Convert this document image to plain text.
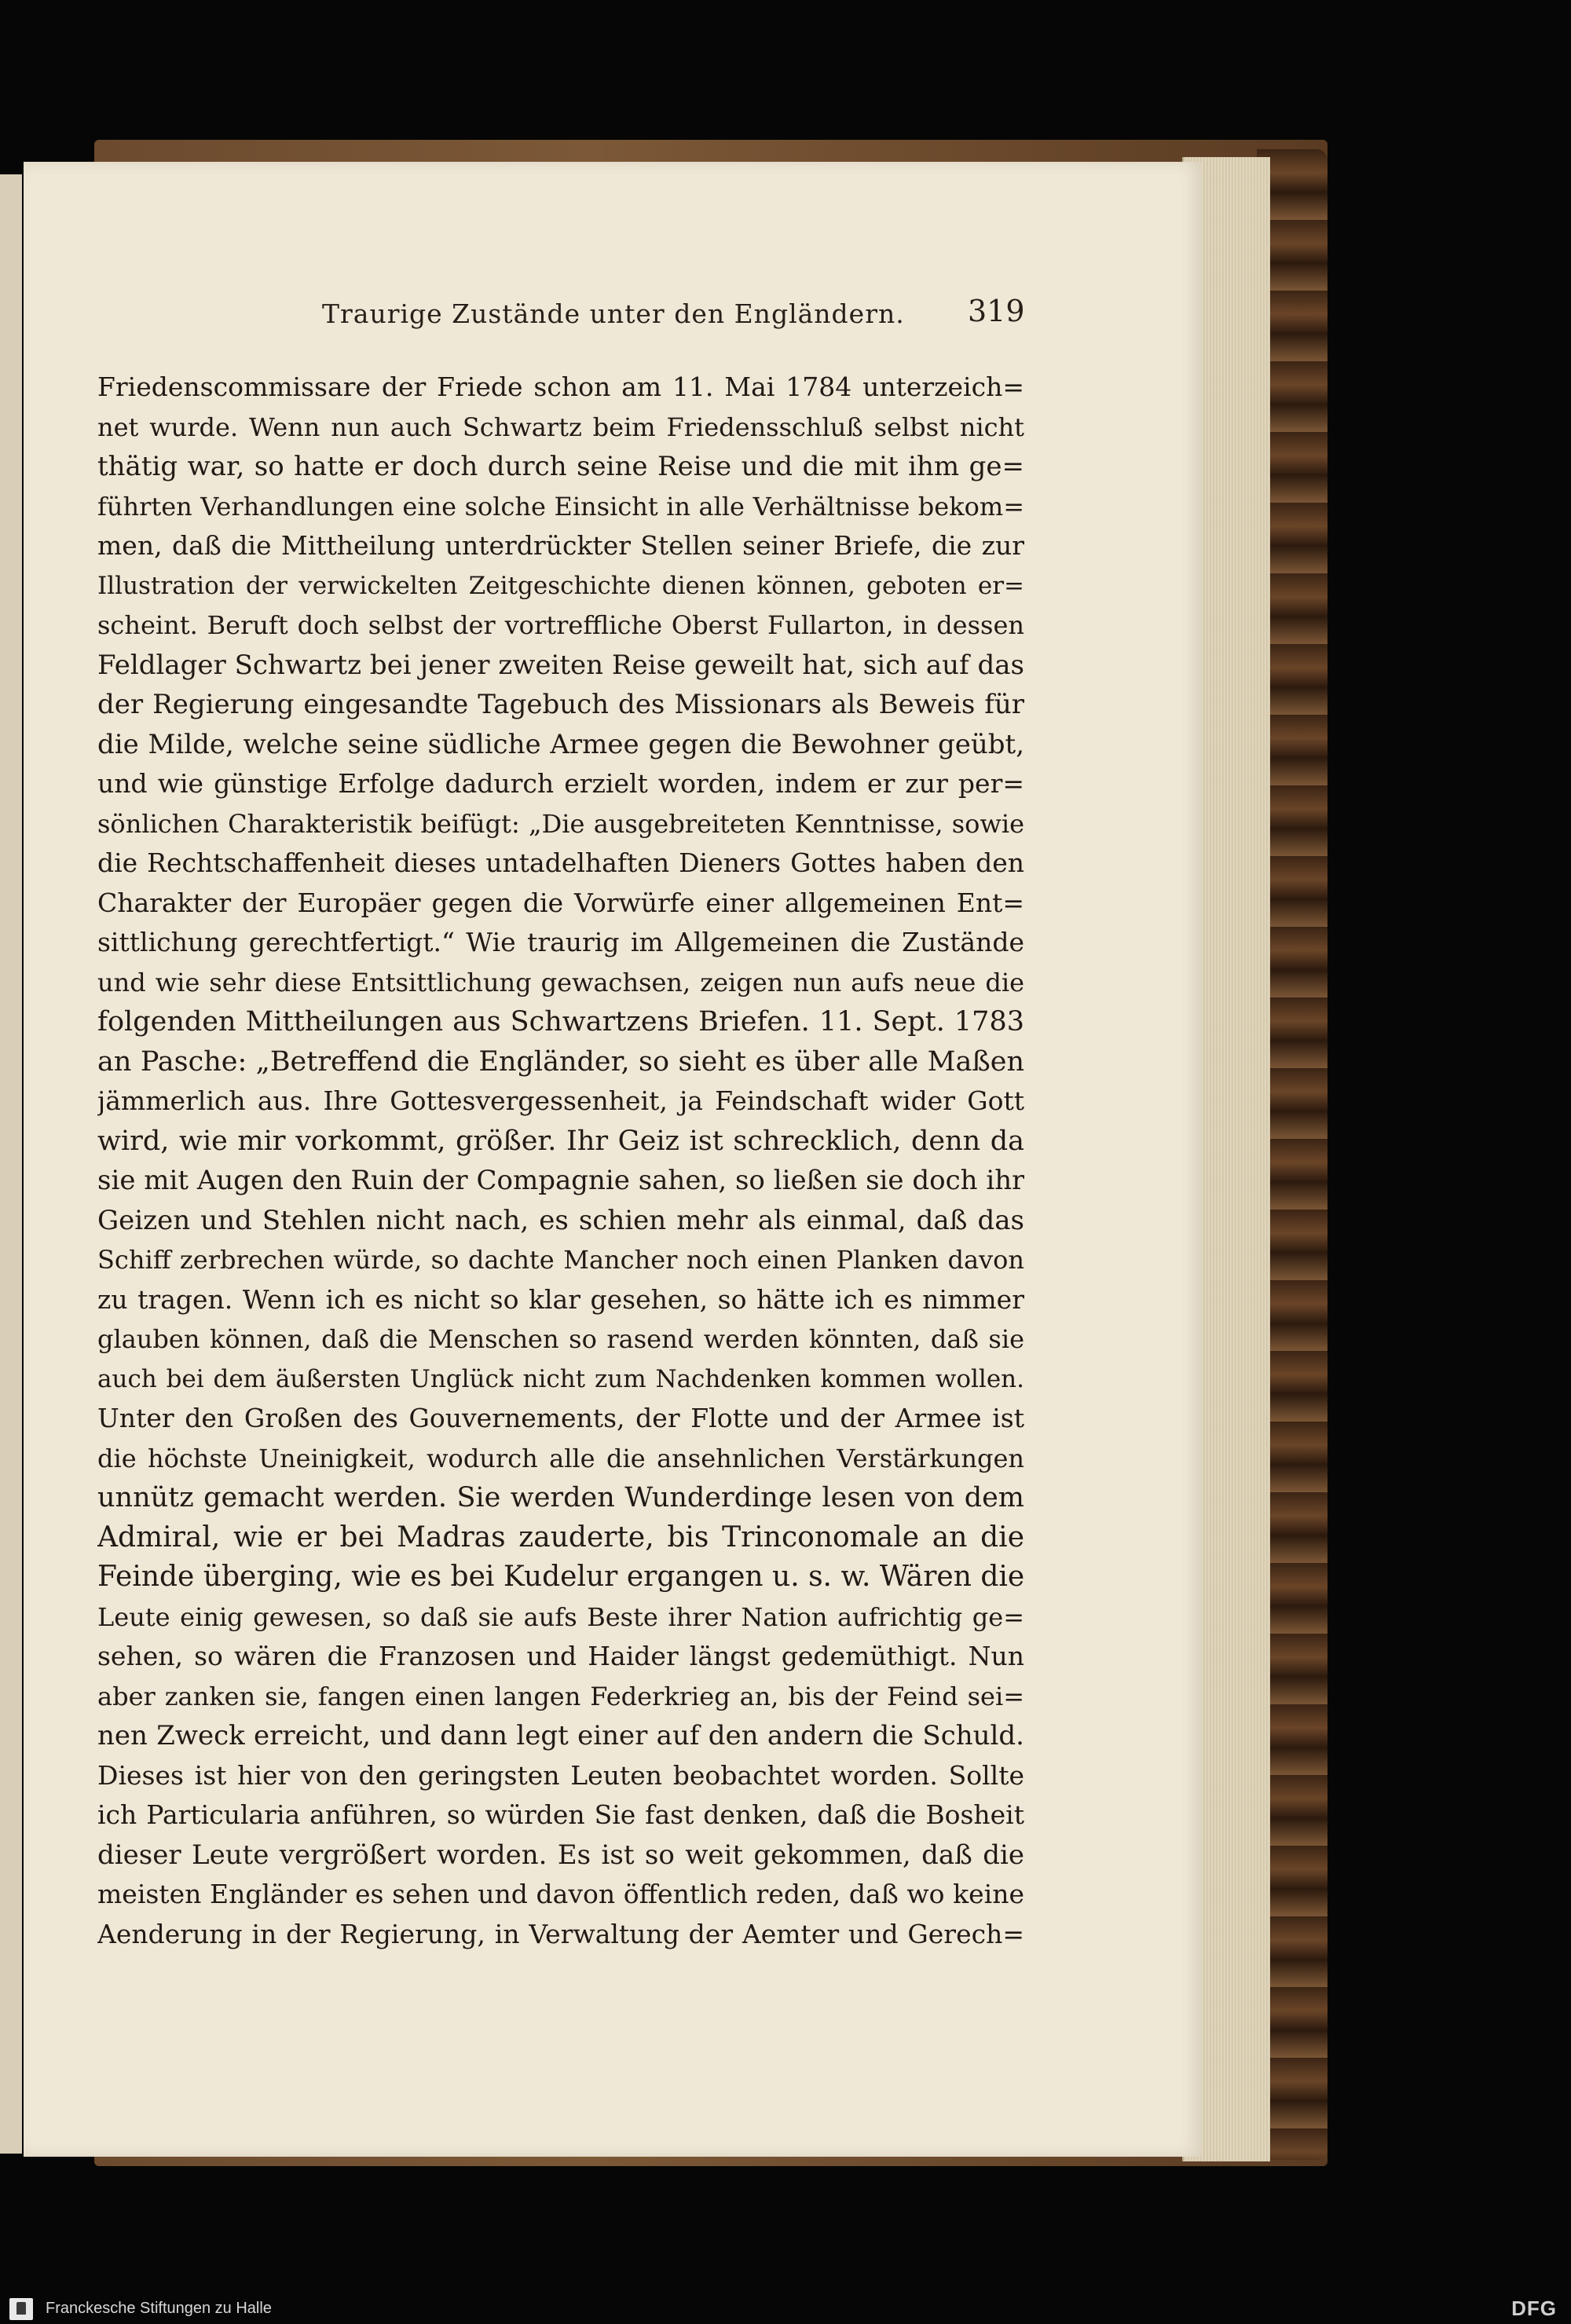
Traurige Zustände unter den Engländern. 319
Friedenscommissare der Friede schon am 11. Mai 1784 unterzeich=
net wurde. Wenn nun auch Schwartz beim Friedensschluß selbst nicht
thätig war, so hatte er doch durch seine Reise und die mit ihm ge=
führten Verhandlungen eine solche Einsicht in alle Verhältnisse bekom=
men, daß die Mittheilung unterdrückter Stellen seiner Briefe, die zur
Illustration der verwickelten Zeitgeschichte dienen können, geboten er=
scheint. Beruft doch selbst der vortreffliche Oberst Fullarton, in dessen
Feldlager Schwartz bei jener zweiten Reise geweilt hat, sich auf das
der Regierung eingesandte Tagebuch des Missionars als Beweis für
die Milde, welche seine südliche Armee gegen die Bewohner geübt,
und wie günstige Erfolge dadurch erzielt worden, indem er zur per=
sönlichen Charakteristik beifügt: „Die ausgebreiteten Kenntnisse, sowie
die Rechtschaffenheit dieses untadelhaften Dieners Gottes haben den
Charakter der Europäer gegen die Vorwürfe einer allgemeinen Ent=
sittlichung gerechtfertigt.“ Wie traurig im Allgemeinen die Zustände
und wie sehr diese Entsittlichung gewachsen, zeigen nun aufs neue die
folgenden Mittheilungen aus Schwartzens Briefen. 11. Sept. 1783
an Pasche: „Betreffend die Engländer, so sieht es über alle Maßen
jämmerlich aus. Ihre Gottesvergessenheit, ja Feindschaft wider Gott
wird, wie mir vorkommt, größer. Ihr Geiz ist schrecklich, denn da
sie mit Augen den Ruin der Compagnie sahen, so ließen sie doch ihr
Geizen und Stehlen nicht nach, es schien mehr als einmal, daß das
Schiff zerbrechen würde, so dachte Mancher noch einen Planken davon
zu tragen. Wenn ich es nicht so klar gesehen, so hätte ich es nimmer
glauben können, daß die Menschen so rasend werden könnten, daß sie
auch bei dem äußersten Unglück nicht zum Nachdenken kommen wollen.
Unter den Großen des Gouvernements, der Flotte und der Armee ist
die höchste Uneinigkeit, wodurch alle die ansehnlichen Verstärkungen
unnütz gemacht werden. Sie werden Wunderdinge lesen von dem
Admiral, wie er bei Madras zauderte, bis Trinconomale an die
Feinde überging, wie es bei Kudelur ergangen u. s. w. Wären die
Leute einig gewesen, so daß sie aufs Beste ihrer Nation aufrichtig ge=
sehen, so wären die Franzosen und Haider längst gedemüthigt. Nun
aber zanken sie, fangen einen langen Federkrieg an, bis der Feind sei=
nen Zweck erreicht, und dann legt einer auf den andern die Schuld.
Dieses ist hier von den geringsten Leuten beobachtet worden. Sollte
ich Particularia anführen, so würden Sie fast denken, daß die Bosheit
dieser Leute vergrößert worden. Es ist so weit gekommen, daß die
meisten Engländer es sehen und davon öffentlich reden, daß wo keine
Aenderung in der Regierung, in Verwaltung der Aemter und Gerech=
Franckesche Stiftungen zu Halle	DFG
